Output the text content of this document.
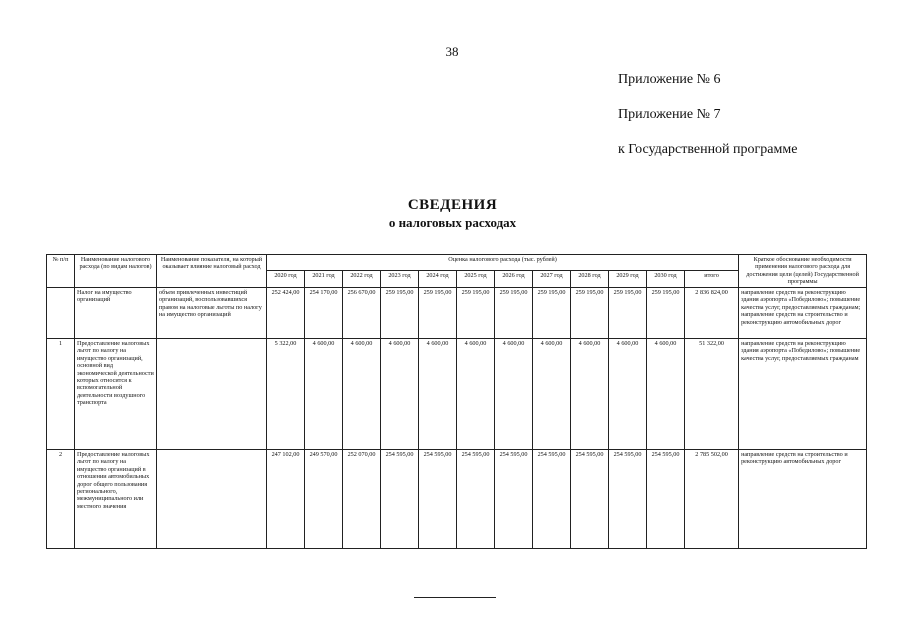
38
Приложение № 6
Приложение № 7
к Государственной программе
СВЕДЕНИЯ
о налоговых расходах
№ п/п	Наименование налогового расхода (по видам налогов)	Наименование показателя, на который оказывает влияние налоговый расход	Оценка налогового расхода (тыс. рублей)												Краткое обоснование необходимости применения налогового расхода для достижения цели (целей) Государственной программы
			2020 год	2021 год	2022 год	2023 год	2024 год	2025 год	2026 год	2027 год	2028 год	2029 год	2030 год	итого	
	Налог на имущество организаций	объем привлеченных инвестиций организаций, воспользовавшихся правом на налоговые льготы по налогу на имущество организаций	252 424,00	254 170,00	256 670,00	259 195,00	259 195,00	259 195,00	259 195,00	259 195,00	259 195,00	259 195,00	259 195,00	2 836 824,00	направление средств на реконструкцию здания аэропорта «Победилово»; повышение качества услуг, предоставляемых гражданам; направление средств на строительство и реконструкцию автомобильных дорог
1	Предоставление налоговых льгот по налогу на имущество организаций, основной вид экономической деятельности которых относится к вспомогательной деятельности воздушного транспорта		5 322,00	4 600,00	4 600,00	4 600,00	4 600,00	4 600,00	4 600,00	4 600,00	4 600,00	4 600,00	4 600,00	51 322,00	направление средств на реконструкцию здания аэропорта «Победилово»; повышение качества услуг, предоставляемых гражданам
2	Предоставление налоговых льгот по налогу на имущество организаций в отношении автомобильных дорог общего пользования регионального, межмуниципального или местного значения		247 102,00	249 570,00	252 070,00	254 595,00	254 595,00	254 595,00	254 595,00	254 595,00	254 595,00	254 595,00	254 595,00	2 785 502,00	направление средств на строительство и реконструкцию автомобильных дорог
